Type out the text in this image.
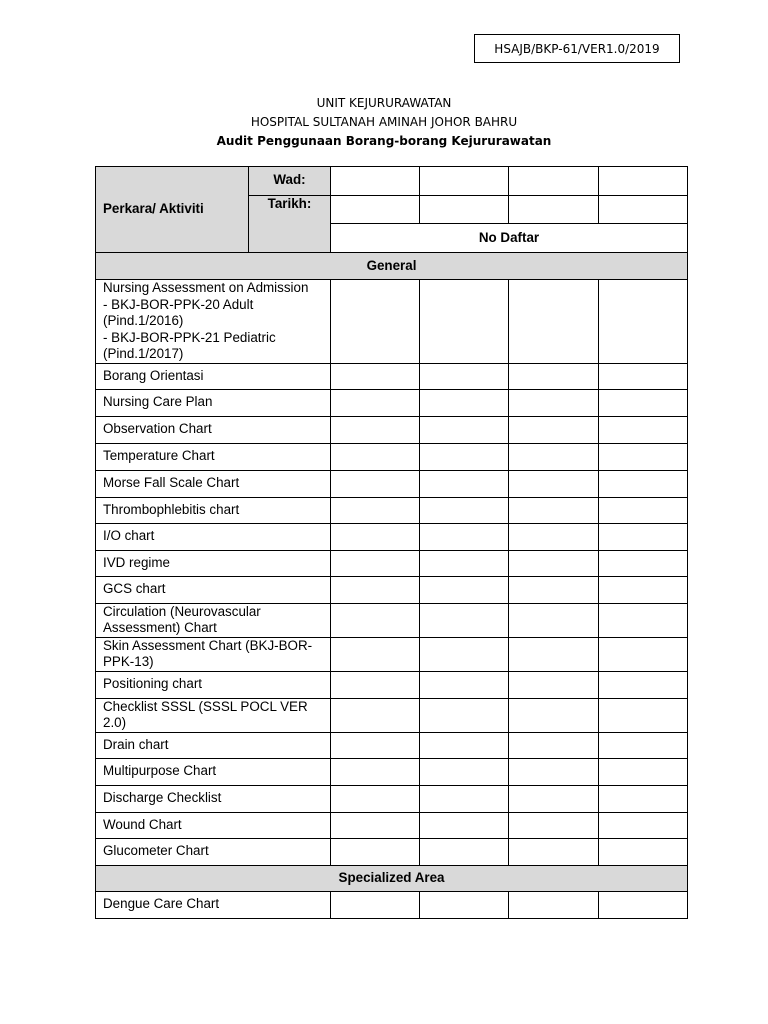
HSAJB/BKP-61/VER1.0/2019
UNIT KEJURURAWATAN
HOSPITAL SULTANAH AMINAH JOHOR BAHRU
Audit Penggunaan Borang-borang Kejururawatan
Perkara/ Aktiviti	Wad:				
	Tarikh:				
		No Daftar			
General					

Nursing Assessment on Admission
- BKJ-BOR-PPK-20 Adult
(Pind.1/2016)
- BKJ-BOR-PPK-21 Pediatric
(Pind.1/2017)					

Borang Orientasi					

Nursing Care Plan					

Observation Chart					

Temperature Chart					

Morse Fall Scale Chart					

Thrombophlebitis chart					

I/O chart					

IVD regime					

GCS chart					

Circulation (Neurovascular
Assessment) Chart					

Skin Assessment Chart (BKJ-BOR-
PPK-13)					

Positioning chart					

Checklist SSSL (SSSL POCL VER
2.0)					

Drain chart					

Multipurpose Chart					

Discharge Checklist					

Wound Chart					

Glucometer Chart					

Specialized Area					

Dengue Care Chart					
